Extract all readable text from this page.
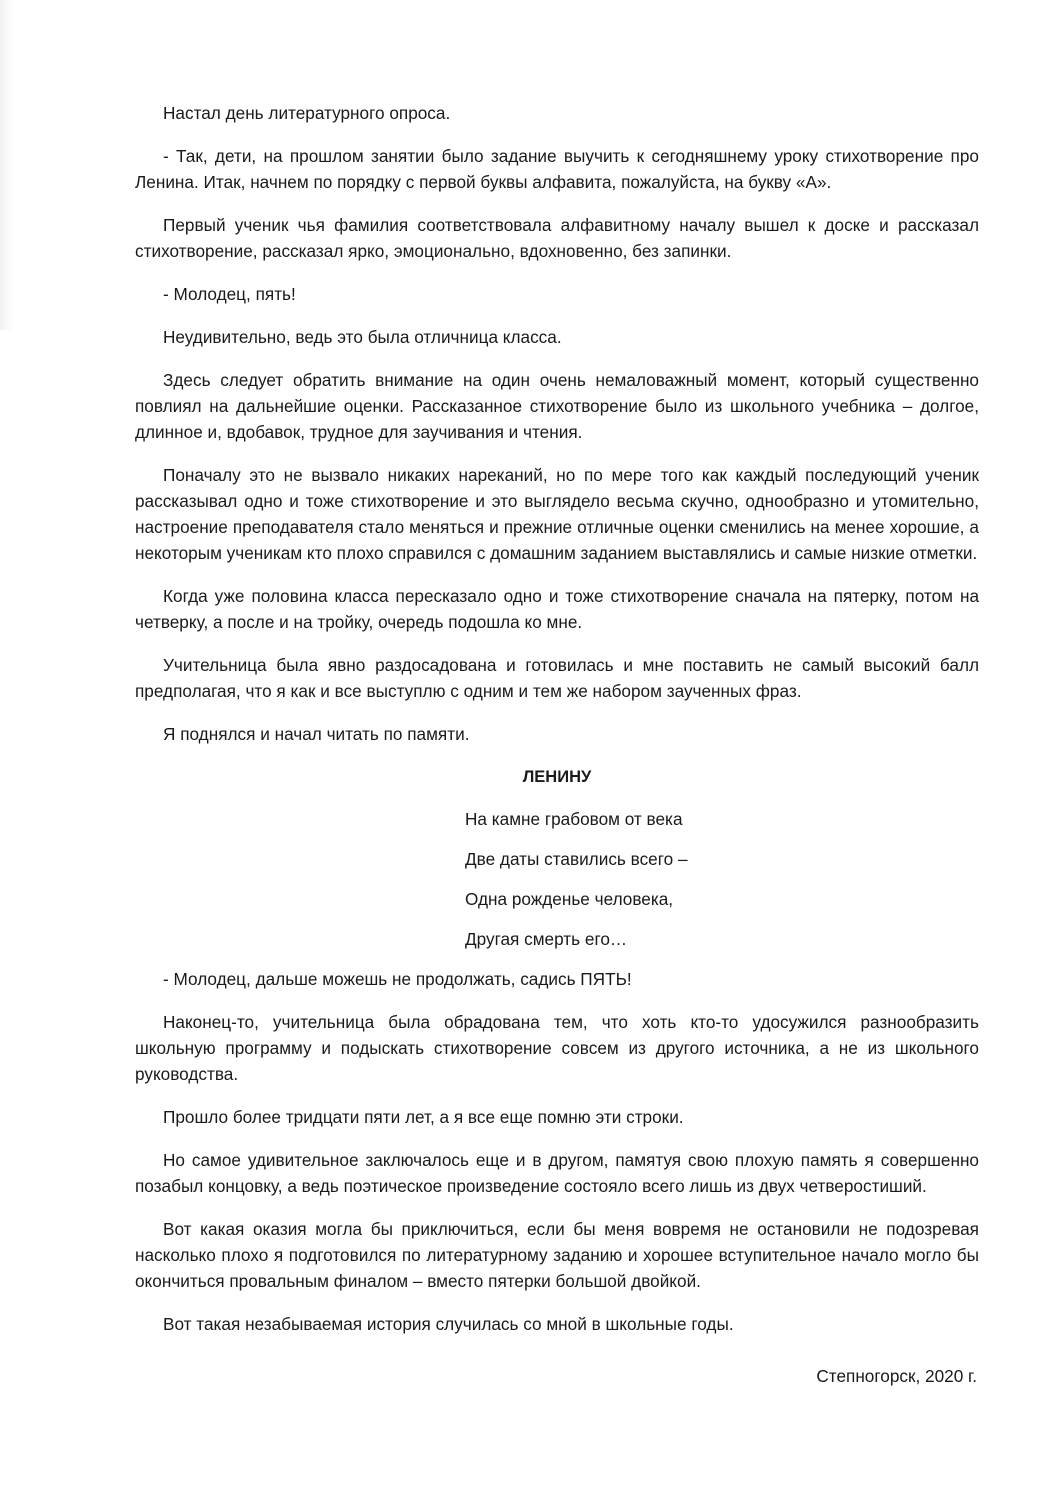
Настал день литературного опроса.

- Так, дети, на прошлом занятии было задание выучить к сегодняшнему уроку стихотворение про Ленина. Итак, начнем по порядку с первой буквы алфавита, пожалуйста, на букву «А».

Первый ученик чья фамилия соответствовала алфавитному началу вышел к доске и рассказал стихотворение, рассказал ярко, эмоционально, вдохновенно, без запинки.

- Молодец, пять!

Неудивительно, ведь это была отличница класса.

Здесь следует обратить внимание на один очень немаловажный момент, который существенно повлиял на дальнейшие оценки. Рассказанное стихотворение было из школьного учебника – долгое, длинное и, вдобавок, трудное для заучивания и чтения.

Поначалу это не вызвало никаких нареканий, но по мере того как каждый последующий ученик рассказывал одно и тоже стихотворение и это выглядело весьма скучно, однообразно и утомительно, настроение преподавателя стало меняться и прежние отличные оценки сменились на менее хорошие, а некоторым ученикам кто плохо справился с домашним заданием выставлялись и самые низкие отметки.

Когда уже половина класса пересказало одно и тоже стихотворение сначала на пятерку, потом на четверку, а после и на тройку, очередь подошла ко мне.

Учительница была явно раздосадована и готовилась и мне поставить не самый высокий балл предполагая, что я как и все выступлю с одним и тем же набором заученных фраз.

Я поднялся и начал читать по памяти.

ЛЕНИНУ
На камне грабовом от века
Две даты ставились всего –
Одна рожденье человека,
Другая смерть его…

- Молодец, дальше можешь не продолжать, садись ПЯТЬ!

Наконец-то, учительница была обрадована тем, что хоть кто-то удосужился разнообразить школьную программу и подыскать стихотворение совсем из другого источника, а не из школьного руководства.

Прошло более тридцати пяти лет, а я все еще помню эти строки.

Но самое удивительное заключалось еще и в другом, памятуя свою плохую память я совершенно позабыл концовку, а ведь поэтическое произведение состояло всего лишь из двух четверостиший.

Вот какая оказия могла бы приключиться, если бы меня вовремя не остановили не подозревая насколько плохо я подготовился по литературному заданию и хорошее вступительное начало могло бы окончиться провальным финалом – вместо пятерки большой двойкой.

Вот такая незабываемая история случилась со мной в школьные годы.

Степногорск, 2020 г.
